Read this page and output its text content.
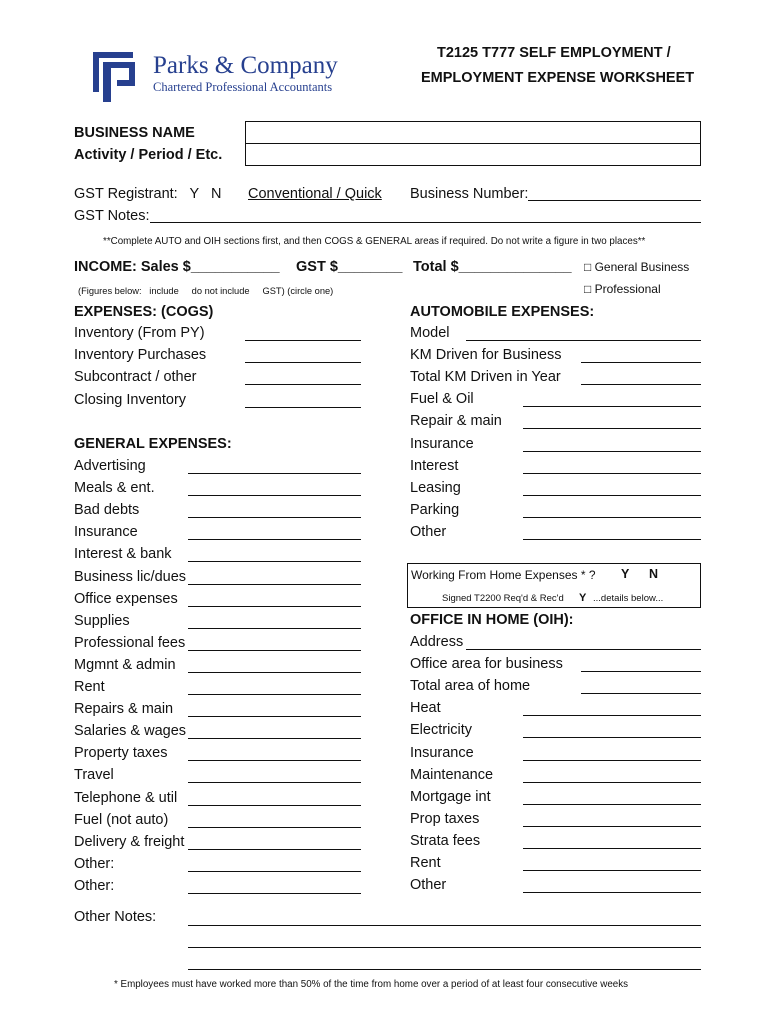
Parks & Company
Chartered Professional Accountants
T2125 T777 SELF EMPLOYMENT /
EMPLOYMENT EXPENSE WORKSHEET
BUSINESS NAME
Activity / Period / Etc.
GST Registrant:   Y   N Conventional / Quick Business Number:
GST Notes:
**Complete AUTO and OIH sections first, and then COGS & GENERAL areas if required. Do not write a figure in two places**
INCOME: Sales $___________ GST $________ Total $______________ □ General Business
□ Professional
(Figures below:   include     do not include     GST) (circle one)
EXPENSES: (COGS)
Inventory (From PY)
Inventory Purchases
Subcontract / other
Closing Inventory
GENERAL EXPENSES:
Advertising
Meals & ent.
Bad debts
Insurance
Interest & bank
Business lic/dues
Office expenses
Supplies
Professional fees
Mgmnt & admin
Rent
Repairs & main
Salaries & wages
Property taxes
Travel
Telephone & util
Fuel (not auto)
Delivery & freight
Other:
Other:
AUTOMOBILE EXPENSES:
Model
KM Driven for Business
Total KM Driven in Year
Fuel & Oil
Repair & main
Insurance
Interest
Leasing
Parking
Other
Working From Home Expenses * ? Y N
Signed T2200 Req'd & Rec'd Y ...details below...
OFFICE IN HOME (OIH):
Address
Office area for business
Total area of home
Heat
Electricity
Insurance
Maintenance
Mortgage int
Prop taxes
Strata fees
Rent
Other
Other Notes:
* Employees must have worked more than 50% of the time from home over a period of at least four consecutive weeks
